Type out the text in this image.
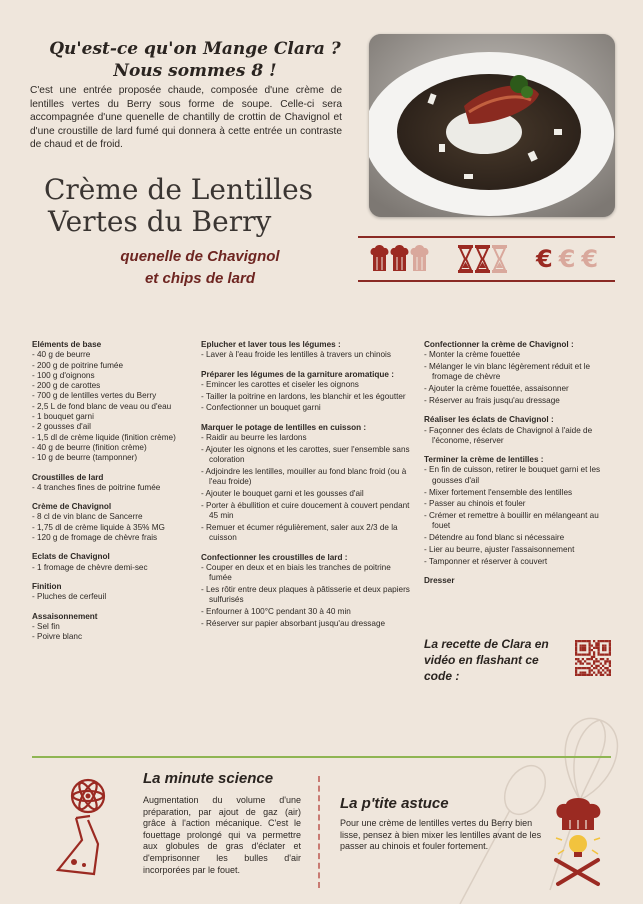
Qu'est-ce qu'on Mange Clara ?
Nous sommes 8 !
C'est une entrée proposée chaude, composée d'une crème de lentilles vertes du Berry sous forme de soupe. Celle-ci sera accompagnée d'une quenelle de chantilly de crottin de Chavignol et d'une croustille de lard fumé qui donnera à cette entrée un contraste de chaud et de froid.
Crème de Lentilles
Vertes du Berry
quenelle de Chavignol
et chips de lard
€ € €
Eléments de base
- 40 g de beurre
- 200 g de poitrine fumée
- 100 g d'oignons
- 200 g de carottes
- 700 g de lentilles vertes du Berry
- 2,5 L de fond blanc de veau ou d'eau
- 1 bouquet garni
- 2 gousses d'ail
- 1,5 dl de crème liquide (finition crème)
- 40 g de beurre (finition crème)
- 10 g de beurre (tamponner)
Croustilles de lard
- 4 tranches fines de poitrine fumée
Crème de Chavignol
- 8 cl de vin blanc de Sancerre
- 1,75 dl de crème liquide à 35% MG
- 120 g de fromage de chèvre frais
Eclats de Chavignol
- 1 fromage de chèvre demi-sec
Finition
- Pluches de cerfeuil
Assaisonnement
- Sel fin
- Poivre blanc
Eplucher et laver tous les légumes :
- Laver à l'eau froide les lentilles à travers un chinois
Préparer les légumes de la garniture aromatique :
- Emincer les carottes et ciseler les oignons
- Tailler la poitrine en lardons, les blanchir et les égoutter
- Confectionner un bouquet garni
Marquer le potage de lentilles en cuisson :
- Raidir au beurre les lardons
- Ajouter les oignons et les carottes, suer l'ensemble sans coloration
- Adjoindre les lentilles, mouiller au fond blanc froid (ou à l'eau froide)
- Ajouter le bouquet garni et les gousses d'ail
- Porter à ébullition et cuire doucement à couvert pendant 45 min
- Remuer et écumer régulièrement, saler aux 2/3 de la cuisson
Confectionner les croustilles de lard :
- Couper en deux et en biais les tranches de poitrine fumée
- Les rôtir entre deux plaques à pâtisserie et deux papiers sulfurisés
- Enfourner à 100°C pendant 30 à 40 min
- Réserver sur papier absorbant jusqu'au dressage
Confectionner la crème de Chavignol :
- Monter la crème fouettée
- Mélanger le vin blanc légèrement réduit et le fromage de chèvre
- Ajouter la crème fouettée, assaisonner
- Réserver au frais jusqu'au dressage
Réaliser les éclats de Chavignol :
- Façonner des éclats de Chavignol à l'aide de l'économe, réserver
Terminer la crème de lentilles :
- En fin de cuisson, retirer le bouquet garni et les gousses d'ail
- Mixer fortement l'ensemble des lentilles
- Passer au chinois et fouler
- Crémer et remettre à bouillir en mélangeant au fouet
- Détendre au fond blanc si nécessaire
- Lier au beurre, ajuster l'assaisonnement
- Tamponner et réserver à couvert
Dresser
La recette de Clara en vidéo en flashant ce code :
La minute science
Augmentation du volume d'une préparation, par ajout de gaz (air) grâce à l'action mécanique. C'est le fouettage prolongé qui va permettre aux globules de gras d'éclater et d'emprisonner les bulles d'air incorporées par le fouet.
La p'tite astuce
Pour une crème de lentilles vertes du Berry bien lisse, pensez à bien mixer les lentilles avant de les passer au chinois et fouler fortement.
